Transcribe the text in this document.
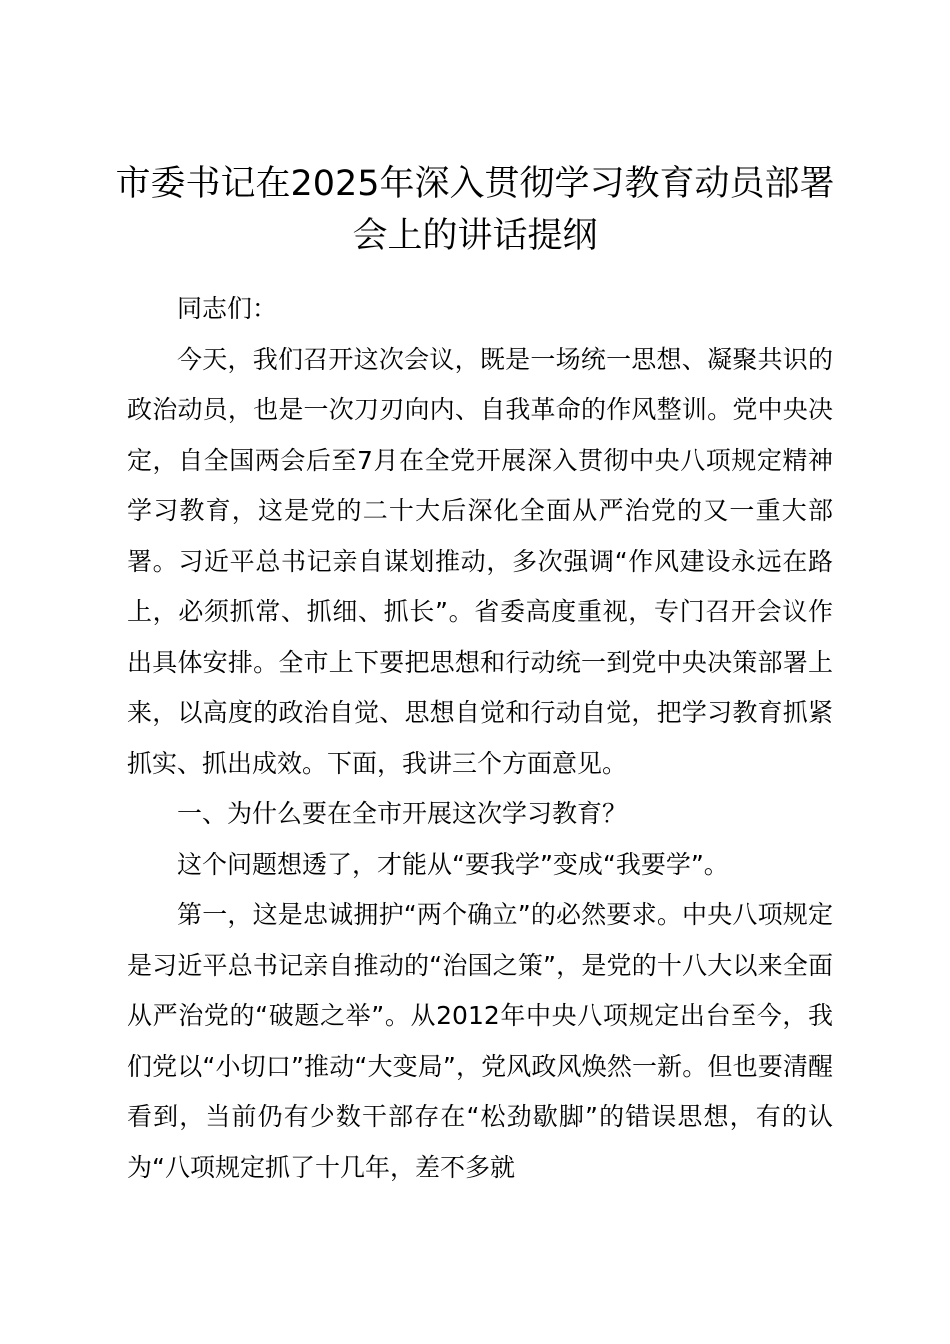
市委书记在2025年深入贯彻学习教育动员部署会上的讲话提纲

同志们：

今天，我们召开这次会议，既是一场统一思想、凝聚共识的政治动员，也是一次刀刃向内、自我革命的作风整训。党中央决定，自全国两会后至7月在全党开展深入贯彻中央八项规定精神学习教育，这是党的二十大后深化全面从严治党的又一重大部署。习近平总书记亲自谋划推动，多次强调“作风建设永远在路上，必须抓常、抓细、抓长”。省委高度重视，专门召开会议作出具体安排。全市上下要把思想和行动统一到党中央决策部署上来，以高度的政治自觉、思想自觉和行动自觉，把学习教育抓紧抓实、抓出成效。下面，我讲三个方面意见。

一、为什么要在全市开展这次学习教育？

这个问题想透了，才能从“要我学”变成“我要学”。

第一，这是忠诚拥护“两个确立”的必然要求。中央八项规定是习近平总书记亲自推动的“治国之策”，是党的十八大以来全面从严治党的“破题之举”。从2012年中央八项规定出台至今，我们党以“小切口”推动“大变局”，党风政风焕然一新。但也要清醒看到，当前仍有少数干部存在“松劲歇脚”的错误思想，有的认为“八项规定抓了十几年，差不多就
